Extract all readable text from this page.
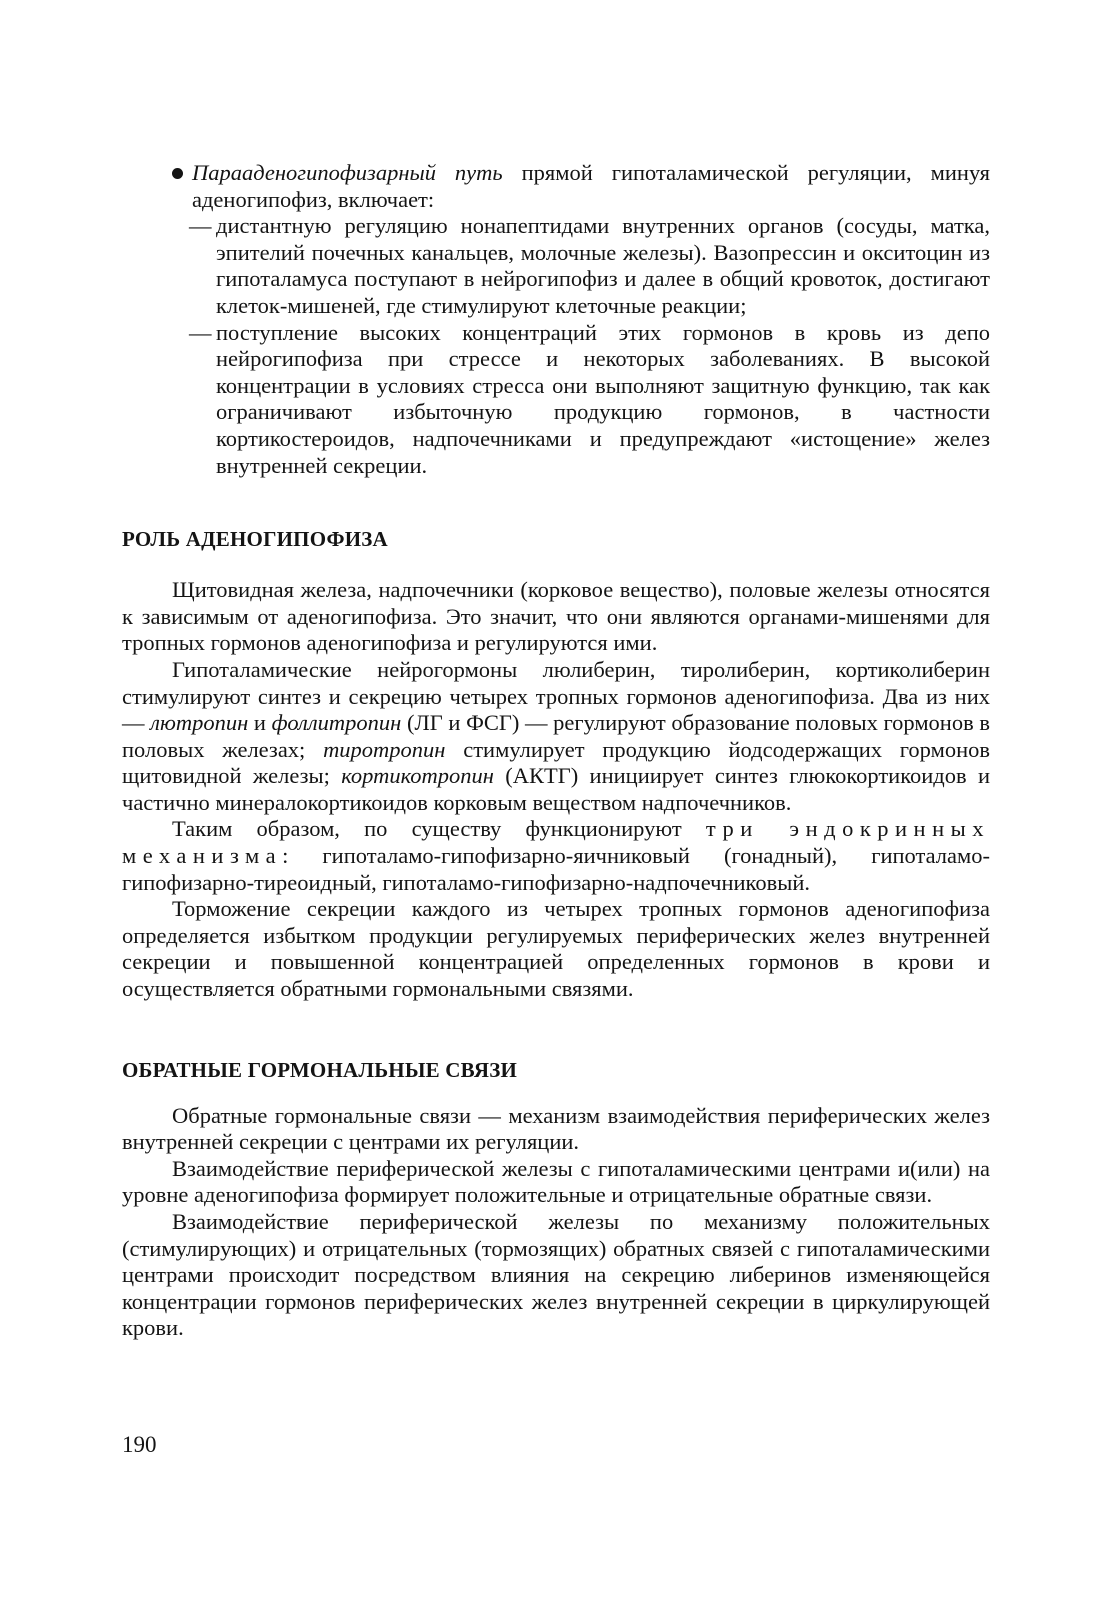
Парааденогипофизарный путь прямой гипоталамической регуляции, минуя аденогипофиз, включает:

— дистантную регуляцию нонапептидами внутренних органов (сосуды, матка, эпителий почечных канальцев, молочные железы). Вазопрессин и окситоцин из гипоталамуса поступают в нейрогипофиз и далее в общий кровоток, достигают клеток-мишеней, где стимулируют клеточные реакции;

— поступление высоких концентраций этих гормонов в кровь из депо нейрогипофиза при стрессе и некоторых заболеваниях. В высокой концентрации в условиях стресса они выполняют защитную функцию, так как ограничивают избыточную продукцию гормонов, в частности кортикостероидов, надпочечниками и предупреждают «истощение» желез внутренней секреции.

РОЛЬ АДЕНОГИПОФИЗА

Щитовидная железа, надпочечники (корковое вещество), половые железы относятся к зависимым от аденогипофиза. Это значит, что они являются органами-мишенями для тропных гормонов аденогипофиза и регулируются ими.

Гипоталамические нейрогормоны люлиберин, тиролиберин, кортиколиберин стимулируют синтез и секрецию четырех тропных гормонов аденогипофиза. Два из них — лютропин и фоллитропин (ЛГ и ФСГ) — регулируют образование половых гормонов в половых железах; тиротропин стимулирует продукцию йодсодержащих гормонов щитовидной железы; кортикотропин (АКТГ) инициирует синтез глюкокортикоидов и частично минералокортикоидов корковым веществом надпочечников.

Таким образом, по существу функционируют три эндокринных механизма: гипоталамо-гипофизарно-яичниковый (гонадный), гипоталамо-гипофизарно-тиреоидный, гипоталамо-гипофизарно-надпочечниковый.

Торможение секреции каждого из четырех тропных гормонов аденогипофиза определяется избытком продукции регулируемых периферических желез внутренней секреции и повышенной концентрацией определенных гормонов в крови и осуществляется обратными гормональными связями.

ОБРАТНЫЕ ГОРМОНАЛЬНЫЕ СВЯЗИ

Обратные гормональные связи — механизм взаимодействия периферических желез внутренней секреции с центрами их регуляции.

Взаимодействие периферической железы с гипоталамическими центрами и(или) на уровне аденогипофиза формирует положительные и отрицательные обратные связи.

Взаимодействие периферической железы по механизму положительных (стимулирующих) и отрицательных (тормозящих) обратных связей с гипоталамическими центрами происходит посредством влияния на секрецию либеринов изменяющейся концентрации гормонов периферических желез внутренней секреции в циркулирующей крови.

190
